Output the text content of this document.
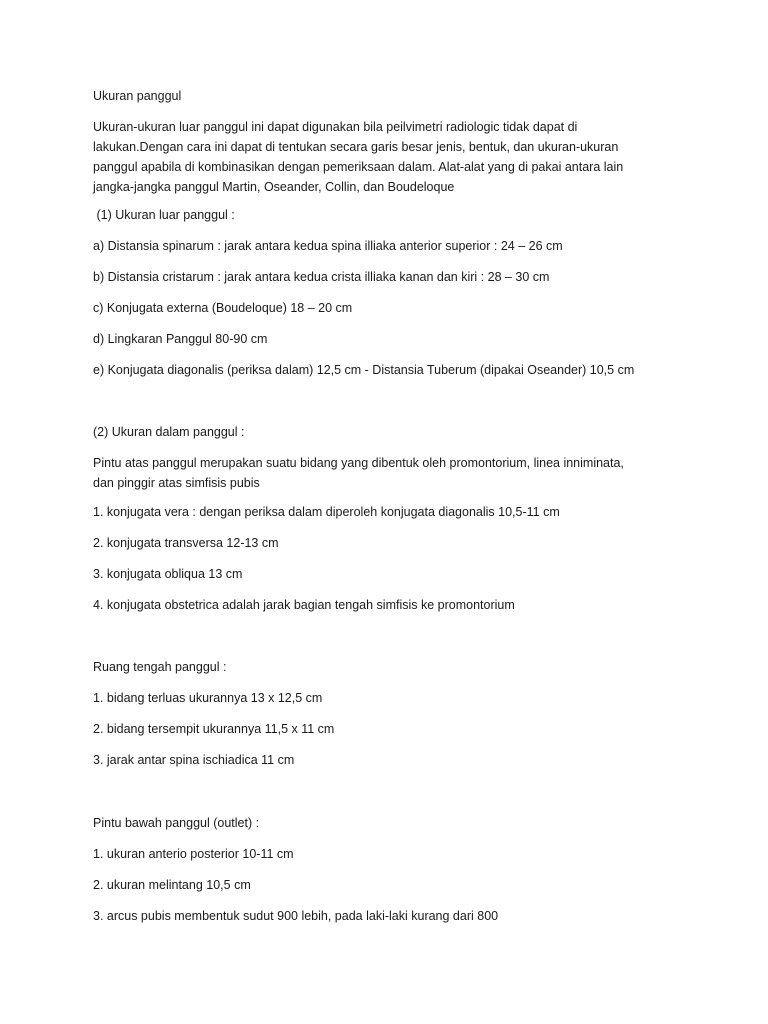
Ukuran panggul

Ukuran-ukuran luar panggul ini dapat digunakan bila peilvimetri radiologic tidak dapat di
lakukan.Dengan cara ini dapat di tentukan secara garis besar jenis, bentuk, dan ukuran-ukuran
panggul apabila di kombinasikan dengan pemeriksaan dalam. Alat-alat yang di pakai antara lain
jangka-jangka panggul Martin, Oseander, Collin, dan Boudeloque

(1) Ukuran luar panggul :

a) Distansia spinarum : jarak antara kedua spina illiaka anterior superior : 24 – 26 cm

b) Distansia cristarum : jarak antara kedua crista illiaka kanan dan kiri : 28 – 30 cm

c) Konjugata externa (Boudeloque) 18 – 20 cm

d) Lingkaran Panggul 80-90 cm

e) Konjugata diagonalis (periksa dalam) 12,5 cm - Distansia Tuberum (dipakai Oseander) 10,5 cm

(2) Ukuran dalam panggul :

Pintu atas panggul merupakan suatu bidang yang dibentuk oleh promontorium, linea inniminata,
dan pinggir atas simfisis pubis

1. konjugata vera : dengan periksa dalam diperoleh konjugata diagonalis 10,5-11 cm

2. konjugata transversa 12-13 cm

3. konjugata obliqua 13 cm

4. konjugata obstetrica adalah jarak bagian tengah simfisis ke promontorium

Ruang tengah panggul :

1. bidang terluas ukurannya 13 x 12,5 cm

2. bidang tersempit ukurannya 11,5 x 11 cm

3. jarak antar spina ischiadica 11 cm

Pintu bawah panggul (outlet) :

1. ukuran anterio posterior 10-11 cm

2. ukuran melintang 10,5 cm

3. arcus pubis membentuk sudut 900 lebih, pada laki-laki kurang dari 800
